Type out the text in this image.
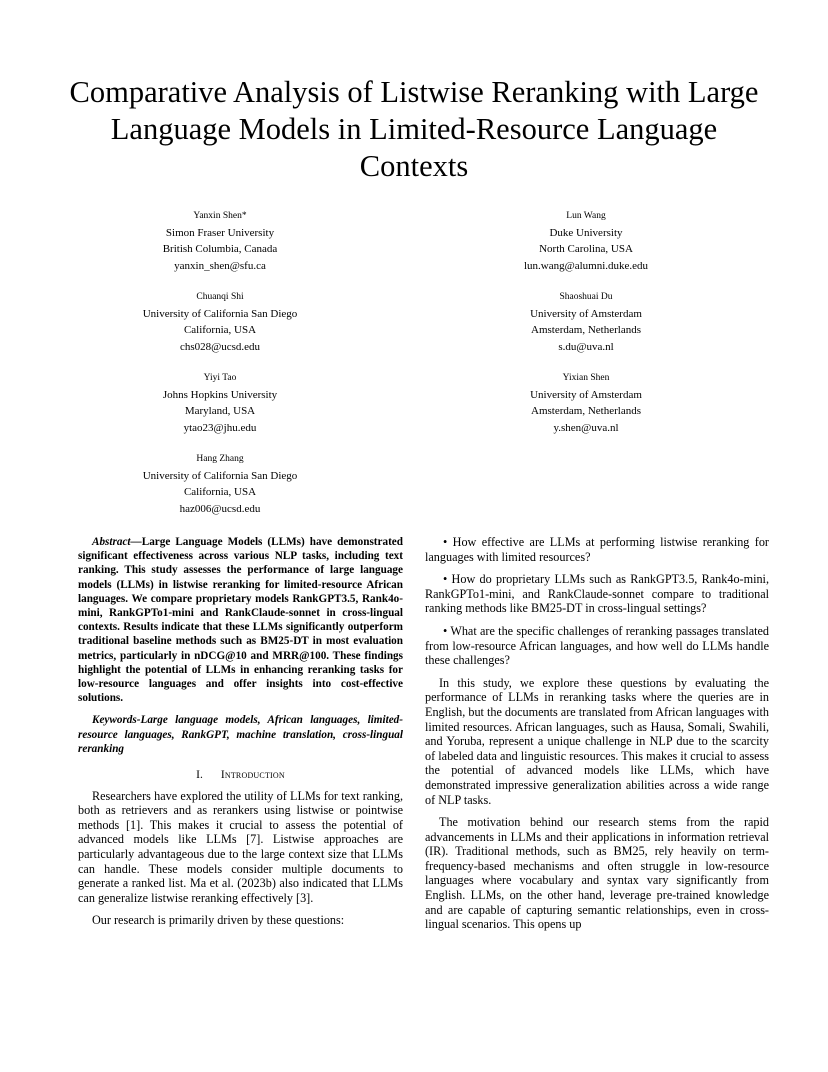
Comparative Analysis of Listwise Reranking with Large Language Models in Limited-Resource Language Contexts
Yanxin Shen*
Simon Fraser University
British Columbia, Canada
yanxin_shen@sfu.ca
Lun Wang
Duke University
North Carolina, USA
lun.wang@alumni.duke.edu
Chuanqi Shi
University of California San Diego
California, USA
chs028@ucsd.edu
Shaoshuai Du
University of Amsterdam
Amsterdam, Netherlands
s.du@uva.nl
Yiyi Tao
Johns Hopkins University
Maryland, USA
ytao23@jhu.edu
Yixian Shen
University of Amsterdam
Amsterdam, Netherlands
y.shen@uva.nl
Hang Zhang
University of California San Diego
California, USA
haz006@ucsd.edu

Abstract—Large Language Models (LLMs) have demonstrated significant effectiveness across various NLP tasks, including text ranking. This study assesses the performance of large language models (LLMs) in listwise reranking for limited-resource African languages. We compare proprietary models RankGPT3.5, Rank4o-mini, RankGPTo1-mini and RankClaude-sonnet in cross-lingual contexts. Results indicate that these LLMs significantly outperform traditional baseline methods such as BM25-DT in most evaluation metrics, particularly in nDCG@10 and MRR@100. These findings highlight the potential of LLMs in enhancing reranking tasks for low-resource languages and offer insights into cost-effective solutions.

Keywords-Large language models, African languages, limited-resource languages, RankGPT, machine translation, cross-lingual reranking

I. Introduction

Researchers have explored the utility of LLMs for text ranking, both as retrievers and as rerankers using listwise or pointwise methods [1]. This makes it crucial to assess the potential of advanced models like LLMs [7]. Listwise approaches are particularly advantageous due to the large context size that LLMs can handle. These models consider multiple documents to generate a ranked list. Ma et al. (2023b) also indicated that LLMs can generalize listwise reranking effectively [3].

Our research is primarily driven by these questions:

• How effective are LLMs at performing listwise reranking for languages with limited resources?

• How do proprietary LLMs such as RankGPT3.5, Rank4o-mini, RankGPTo1-mini, and RankClaude-sonnet compare to traditional ranking methods like BM25-DT in cross-lingual settings?

• What are the specific challenges of reranking passages translated from low-resource African languages, and how well do LLMs handle these challenges?

In this study, we explore these questions by evaluating the performance of LLMs in reranking tasks where the queries are in English, but the documents are translated from African languages with limited resources. African languages, such as Hausa, Somali, Swahili, and Yoruba, represent a unique challenge in NLP due to the scarcity of labeled data and linguistic resources. This makes it crucial to assess the potential of advanced models like LLMs, which have demonstrated impressive generalization abilities across a wide range of NLP tasks.

The motivation behind our research stems from the rapid advancements in LLMs and their applications in information retrieval (IR). Traditional methods, such as BM25, rely heavily on term-frequency-based mechanisms and often struggle in low-resource languages where vocabulary and syntax vary significantly from English. LLMs, on the other hand, leverage pre-trained knowledge and are capable of capturing semantic relationships, even in cross-lingual scenarios. This opens up
